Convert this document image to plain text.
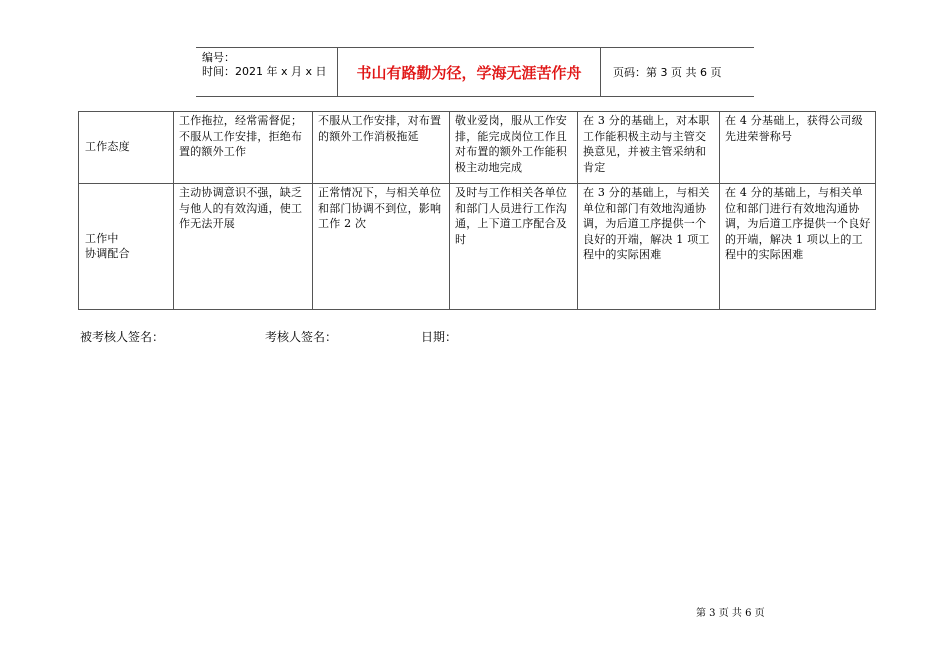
编号：
时间：2021 年 x 月 x 日	书山有路勤为径，学海无涯苦作舟	页码：第 3 页 共 6 页
工作态度	工作拖拉，经常需督促；不服从工作安排，拒绝布置的额外工作	不服从工作安排，对布置的额外工作消极拖延	敬业爱岗，服从工作安排，能完成岗位工作且对布置的额外工作能积极主动地完成	在 3 分的基础上，对本职工作能积极主动与主管交换意见，并被主管采纳和肯定	在 4 分基础上，获得公司级先进荣誉称号

工作中
协调配合	主动协调意识不强，缺乏与他人的有效沟通，使工作无法开展	正常情况下，与相关单位和部门协调不到位，影响工作 2 次	及时与工作相关各单位和部门人员进行工作沟通，上下道工序配合及时	在 3 分的基础上，与相关单位和部门有效地沟通协调，为后道工序提供一个良好的开端，解决 1 项工程中的实际困难	在 4 分的基础上，与相关单位和部门进行有效地沟通协调，为后道工序提供一个良好的开端，解决 1 项以上的工程中的实际困难
被考核人签名：	考核人签名：	日期：
第 3 页 共 6 页
